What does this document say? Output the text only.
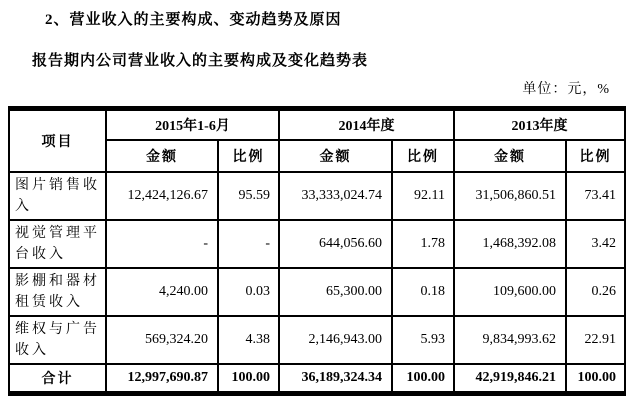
2、营业收入的主要构成、变动趋势及原因
报告期内公司营业收入的主要构成及变化趋势表
单位：元，%
项目	2015年1-6月		2014年度		2013年度	
	金额	比例	金额	比例	金额	比例
图片销售收入	12,424,126.67	95.59	33,333,024.74	92.11	31,506,860.51	73.41
视觉管理平台收入	-	-	644,056.60	1.78	1,468,392.08	3.42
影棚和器材租赁收入	4,240.00	0.03	65,300.00	0.18	109,600.00	0.26
维权与广告收入	569,324.20	4.38	2,146,943.00	5.93	9,834,993.62	22.91
合计	12,997,690.87	100.00	36,189,324.34	100.00	42,919,846.21	100.00
